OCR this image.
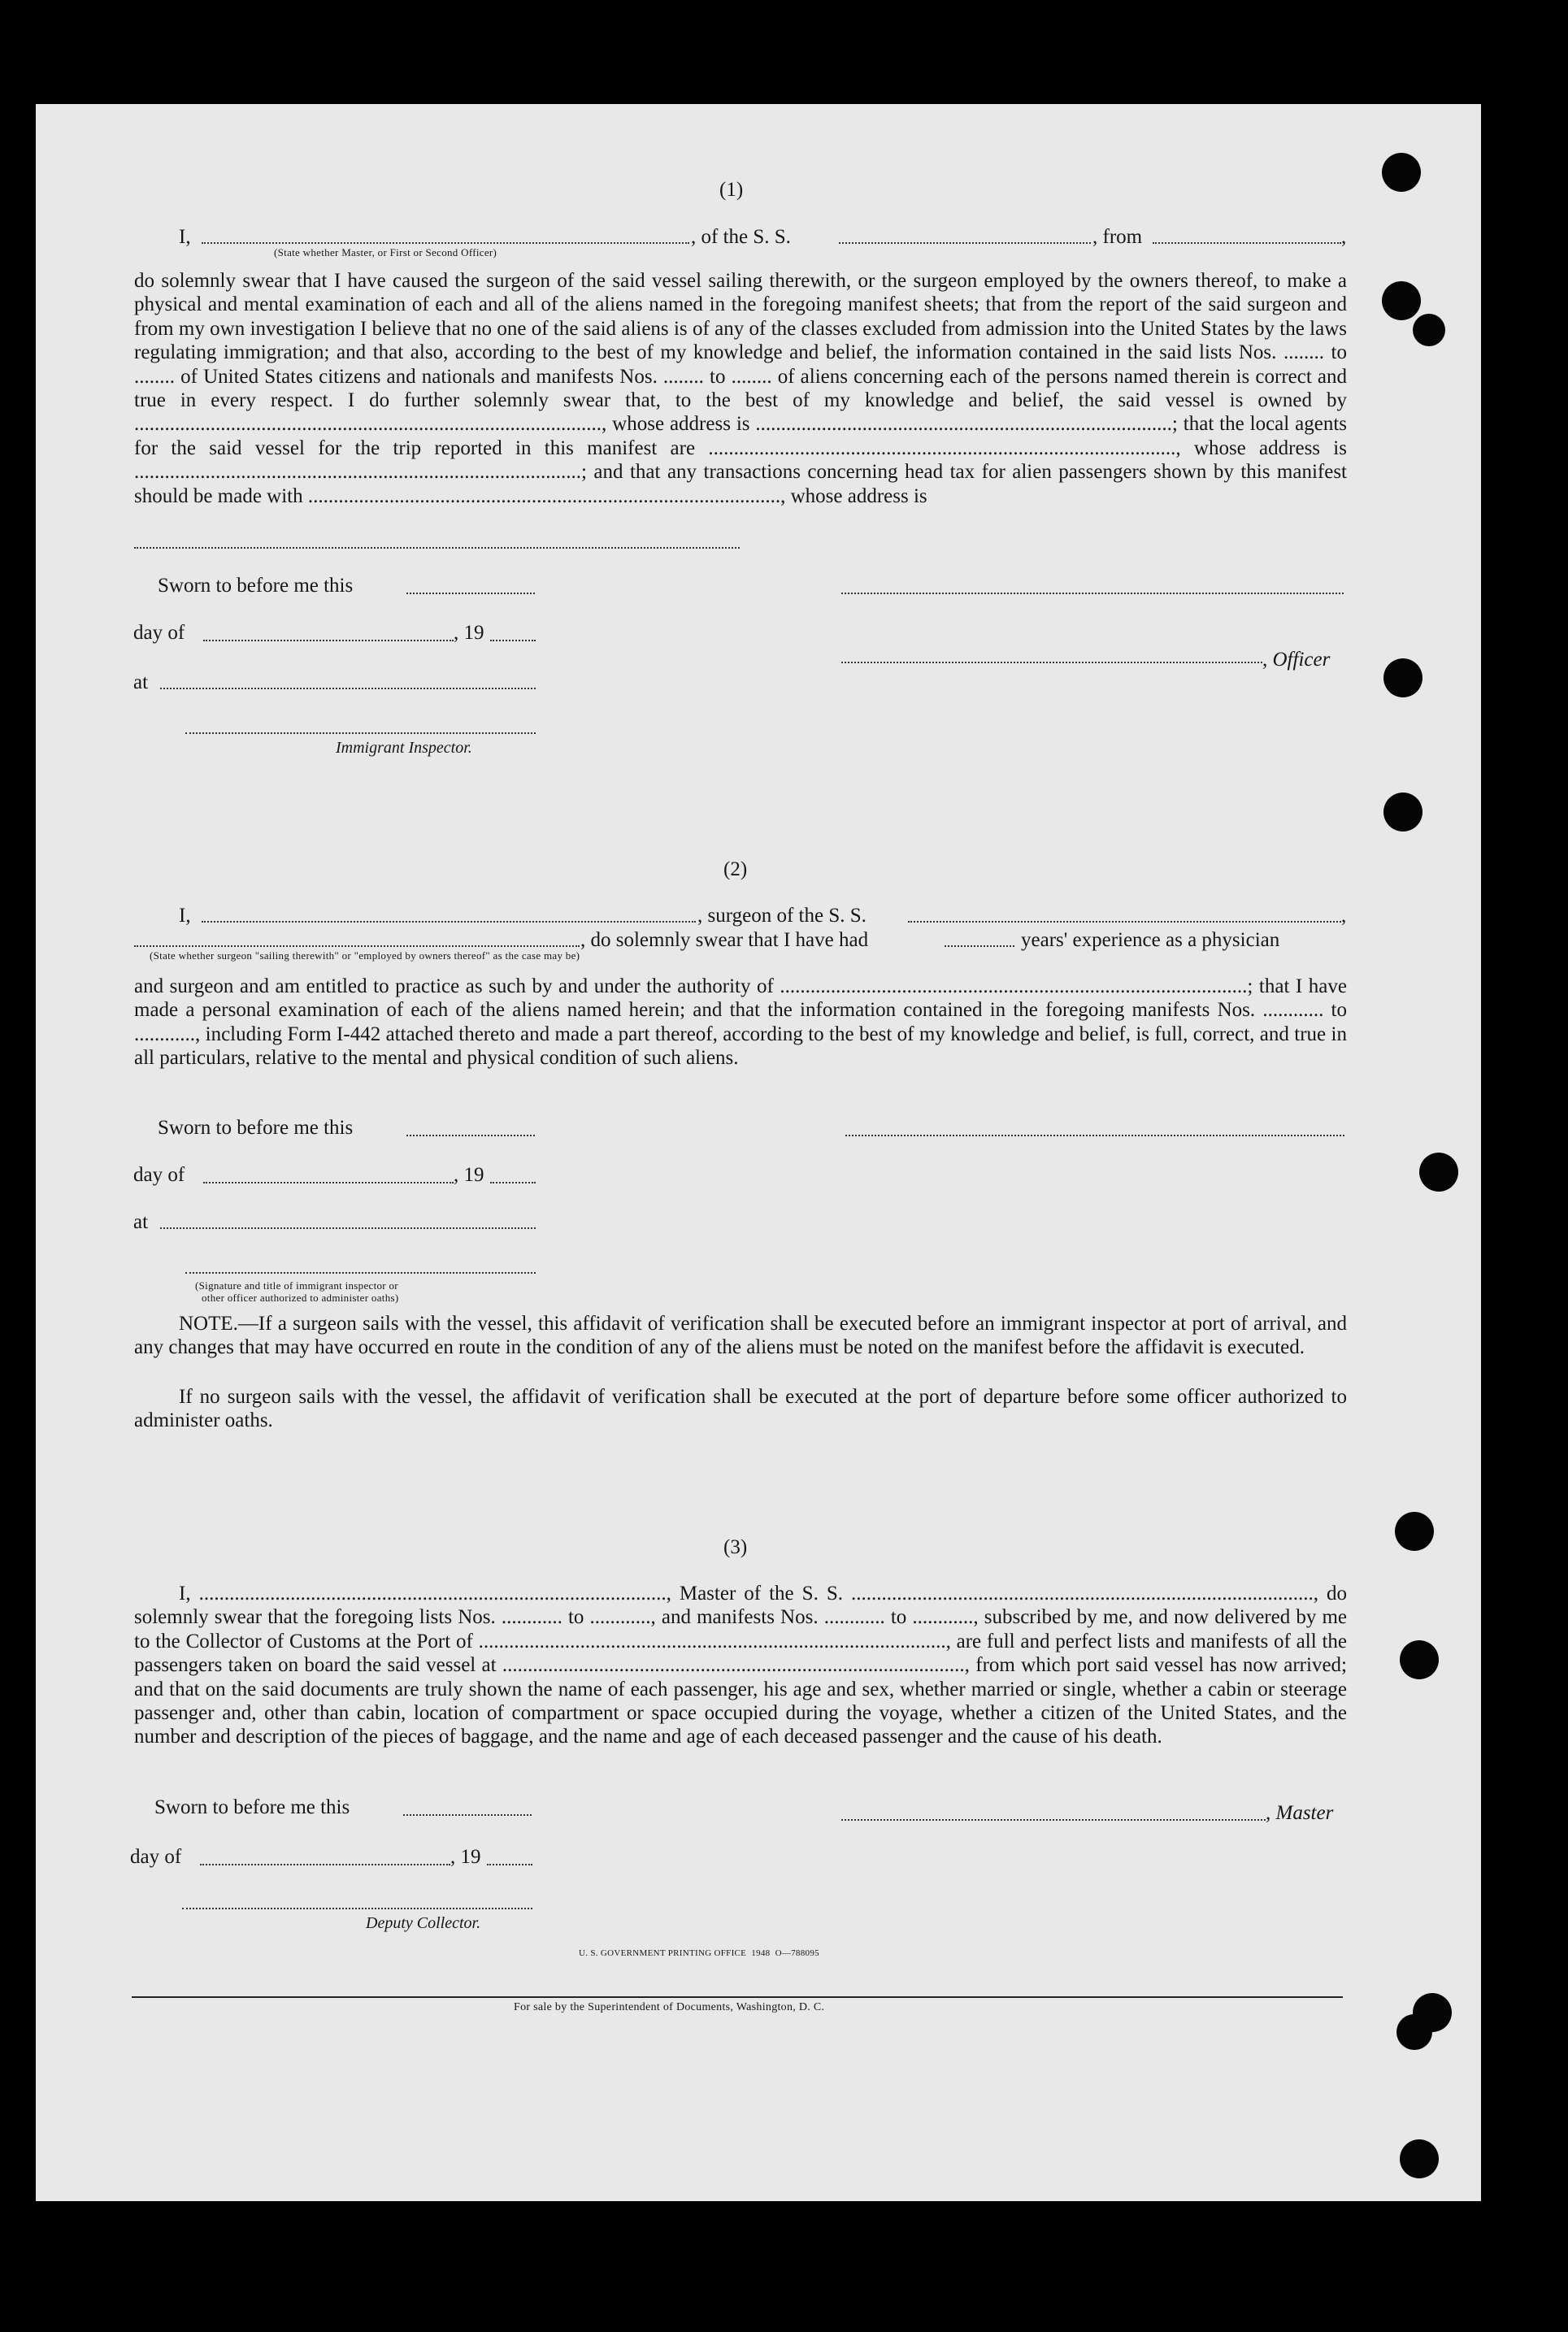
(1)
I,	, of the S. S.	, from	,
(State whether Master, or First or Second Officer)
do solemnly swear that I have caused the surgeon of the said vessel sailing therewith, or the surgeon employed by the owners thereof, to make a physical and mental examination of each and all of the aliens named in the foregoing manifest sheets; that from the report of the said surgeon and from my own investigation I believe that no one of the said aliens is of any of the classes excluded from admission into the United States by the laws regulating immigration; and that also, according to the best of my knowledge and belief, the information contained in the said lists Nos. ........ to ........ of United States citizens and nationals and manifests Nos. ........ to ........ of aliens concerning each of the persons named therein is correct and true in every respect. I do further solemnly swear that, to the best of my knowledge and belief, the said vessel is owned by ............................................................................................, whose address is ..................................................................................; that the local agents for the said vessel for the trip reported in this manifest are ............................................................................................, whose address is ........................................................................................; and that any transactions concerning head tax for alien passengers shown by this manifest should be made with ............................................................................................., whose address is
Sworn to before me this
day of	, 19
, Officer
at
Immigrant Inspector.
(2)
I,	, surgeon of the S. S.	,
, do solemnly swear that I have had	years' experience as a physician
(State whether surgeon "sailing therewith" or "employed by owners thereof" as the case may be)
and surgeon and am entitled to practice as such by and under the authority of ............................................................................................; that I have made a personal examination of each of the aliens named herein; and that the information contained in the foregoing manifests Nos. ............ to ............, including Form I-442 attached thereto and made a part thereof, according to the best of my knowledge and belief, is full, correct, and true in all particulars, relative to the mental and physical condition of such aliens.
Sworn to before me this
day of	, 19
at
(Signature and title of immigrant inspector or
other officer authorized to administer oaths)
NOTE.—If a surgeon sails with the vessel, this affidavit of verification shall be executed before an immigrant inspector at port of arrival, and any changes that may have occurred en route in the condition of any of the aliens must be noted on the manifest before the affidavit is executed.
If no surgeon sails with the vessel, the affidavit of verification shall be executed at the port of departure before some officer authorized to administer oaths.
(3)
I, ............................................................................................, Master of the S. S. ..........................................................................................., do solemnly swear that the foregoing lists Nos. ............ to ............, and manifests Nos. ............ to ............, subscribed by me, and now delivered by me to the Collector of Customs at the Port of ............................................................................................, are full and perfect lists and manifests of all the passengers taken on board the said vessel at ..........................................................................................., from which port said vessel has now arrived; and that on the said documents are truly shown the name of each passenger, his age and sex, whether married or single, whether a cabin or steerage passenger and, other than cabin, location of compartment or space occupied during the voyage, whether a citizen of the United States, and the number and description of the pieces of baggage, and the name and age of each deceased passenger and the cause of his death.
Sworn to before me this	, Master
day of	, 19
Deputy Collector.
U. S. GOVERNMENT PRINTING OFFICE  1948  O—788095
For sale by the Superintendent of Documents, Washington, D. C.
